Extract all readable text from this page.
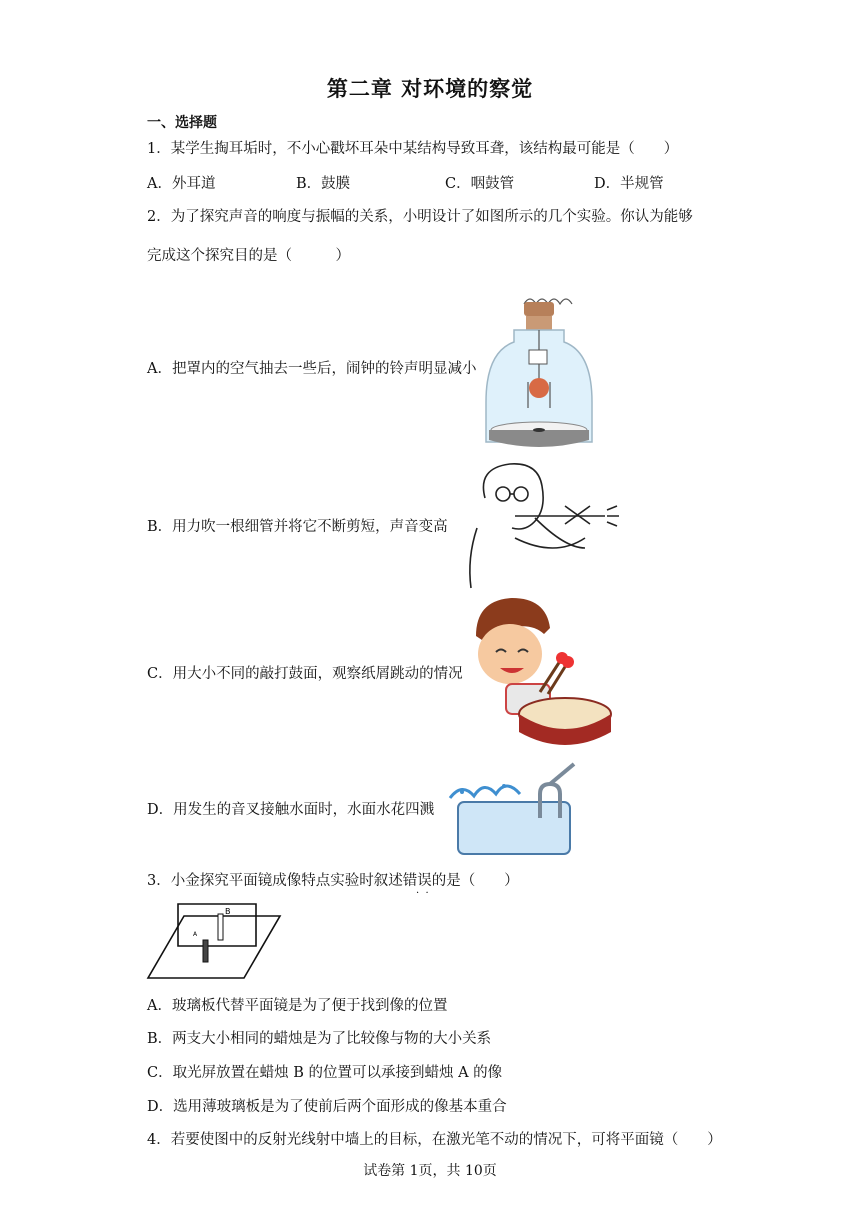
第二章 对环境的察觉
一、选择题
1．某学生掏耳垢时，不小心戳坏耳朵中某结构导致耳聋，该结构最可能是（　　）
A．外耳道	B．鼓膜	C．咽鼓管	D．半规管
2．为了探究声音的响度与振幅的关系，小明设计了如图所示的几个实验。你认为能够
完成这个探究目的是（　　　）
A．把罩内的空气抽去一些后，闹钟的铃声明显减小
B．用力吹一根细管并将它不断剪短，声音变高
C．用大小不同的敲打鼓面，观察纸屑跳动的情况
D．用发生的音叉接触水面时，水面水花四溅
3．小金探究平面镜成像特点实验时叙述错误的是（　　）
·  ·
B
A
A．玻璃板代替平面镜是为了便于找到像的位置
B．两支大小相同的蜡烛是为了比较像与物的大小关系
C．取光屏放置在蜡烛 B 的位置可以承接到蜡烛 A 的像
D．选用薄玻璃板是为了使前后两个面形成的像基本重合
4．若要使图中的反射光线射中墙上的目标，在激光笔不动的情况下，可将平面镜（　　）
试卷第 1页，共 10页
